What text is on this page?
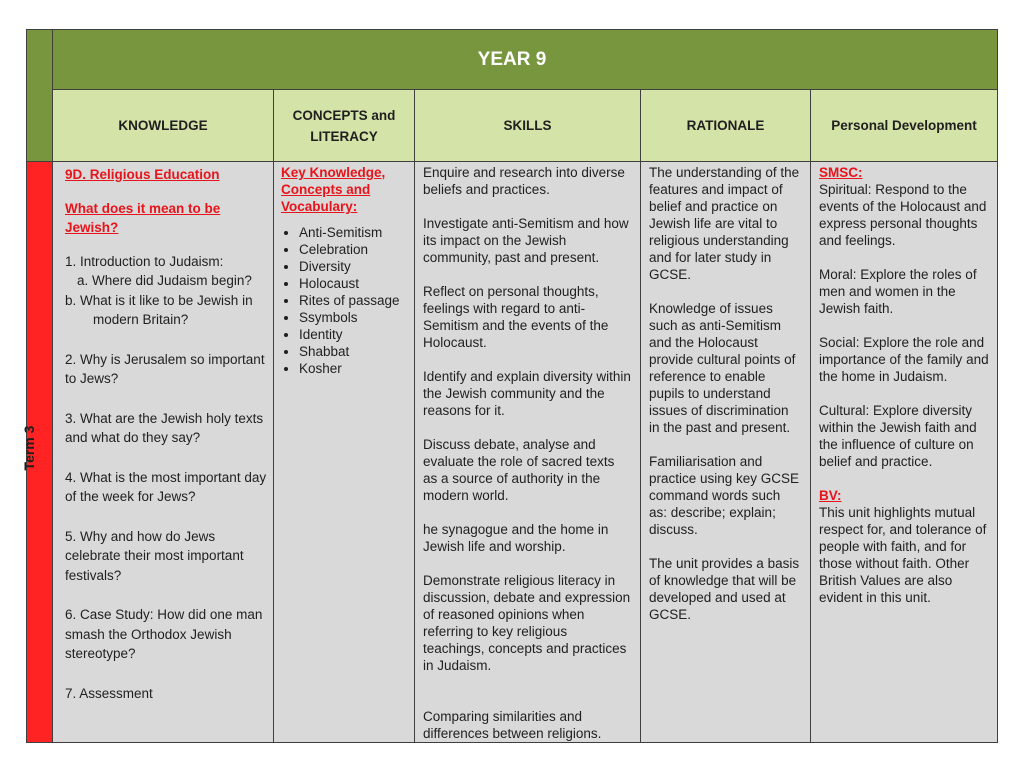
KNOWLEDGE
CONCEPTS and LITERACY
SKILLS	RATIONALE	Personal Development

9D. Religious Education

What does it mean to be Jewish?

1. Introduction to Judaism:

a. Where did Judaism begin?

b. What is it like to be Jewish in

modern Britain?

2. Why is Jerusalem so important to Jews?

3. What are the Jewish holy texts and what do they say?

4. What is the most important day of the week for Jews?

5. Why and how do Jews celebrate their most important festivals?

6. Case Study: How did one man smash the Orthodox Jewish stereotype?

7. Assessment

Key Knowledge, Concepts and Vocabulary:

• Anti-Semitism
• Celebration
• Diversity
• Holocaust
• Rites of passage
• Ssymbols
• Identity
• Shabbat
• Kosher

Enquire and research into diverse beliefs and practices.

Investigate anti-Semitism and how its impact on the Jewish community, past and present.

Reflect on personal thoughts, feelings with regard to anti-Semitism and the events of the Holocaust.

Identify and explain diversity within the Jewish community and the reasons for it.

Discuss debate, analyse and evaluate the role of sacred texts as a source of authority in the modern world.

he synagogue and the home in Jewish life and worship.

Demonstrate religious literacy in discussion, debate and expression of reasoned opinions when referring to key religious teachings, concepts and practices in Judaism.

Comparing similarities and differences between religions.

The understanding of the features and impact of belief and practice on Jewish life are vital to religious understanding and for later study in GCSE.

Knowledge of issues such as anti-Semitism and the Holocaust provide cultural points of reference to enable pupils to understand issues of discrimination in the past and present.

Familiarisation and practice using key GCSE command words such as: describe; explain; discuss.

The unit provides a basis of knowledge that will be developed and used at GCSE.

SMSC:

Spiritual: Respond to the events of the Holocaust and express personal thoughts and feelings.

Moral: Explore the roles of men and women in the Jewish faith.

Social: Explore the role and importance of the family and the home in Judaism.

Cultural: Explore diversity within the Jewish faith and the influence of culture on belief and practice.

BV:

This unit highlights mutual respect for, and tolerance of people with faith, and for those without faith. Other British Values are also evident in this unit.

YEAR 9
Term 3
